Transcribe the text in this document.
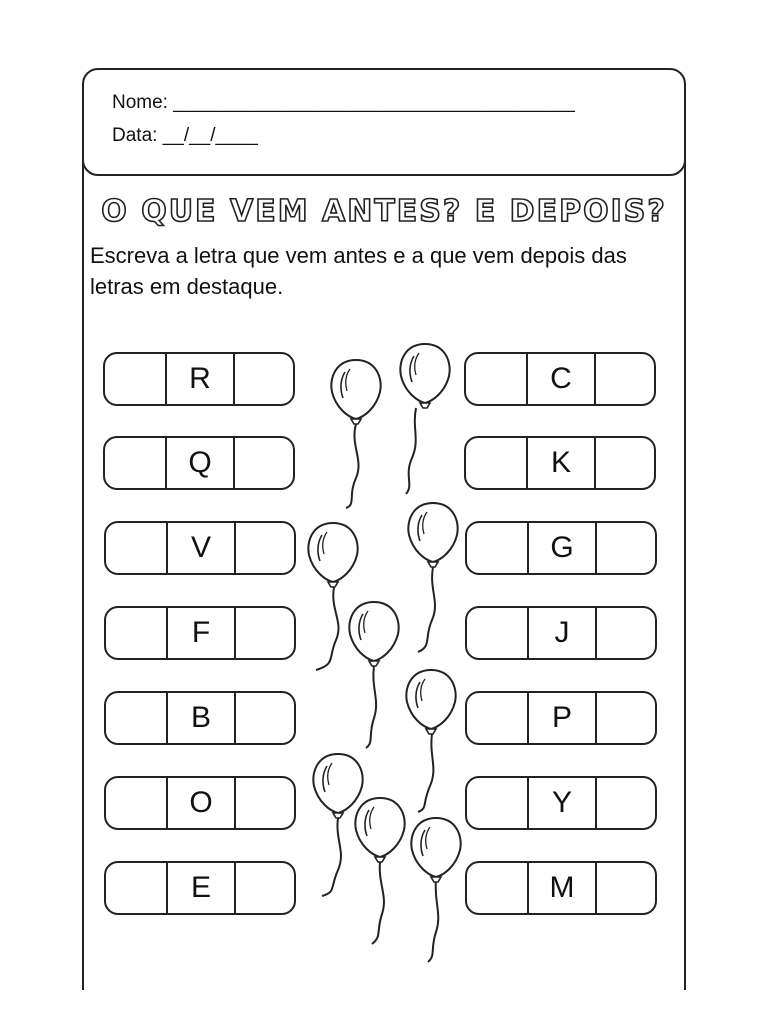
Nome: ______________________________________
Data: __/__/____
O QUE VEM ANTES? E DEPOIS?
Escreva a letra que vem antes e a que vem depois das letras em destaque.
R
Q
V
F
B
O
E
C
K
G
J
P
Y
M
